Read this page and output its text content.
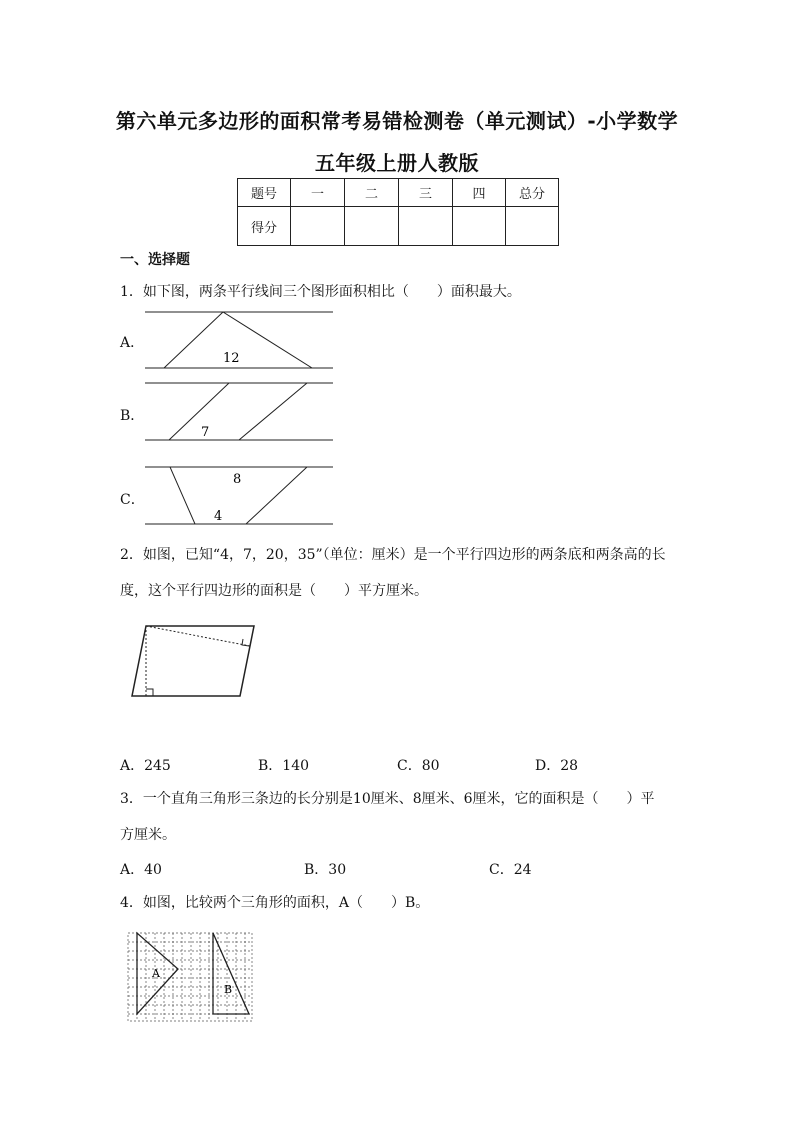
第六单元多边形的面积常考易错检测卷（单元测试）-小学数学
五年级上册人教版
题号	一	二	三	四	总分
得分					
一、选择题
1．如下图，两条平行线间三个图形面积相比（　　）面积最大。
A．
B．
C．
12
7
8
4
A
B
2．如图，已知“4，7，20，35”（单位：厘米）是一个平行四边形的两条底和两条高的长
度，这个平行四边形的面积是（　　）平方厘米。
A．245	B．140	C．80	D．28
3．一个直角三角形三条边的长分别是10厘米、8厘米、6厘米，它的面积是（　　）平
方厘米。
A．40	B．30	C．24
4．如图，比较两个三角形的面积，A（　　）B。
